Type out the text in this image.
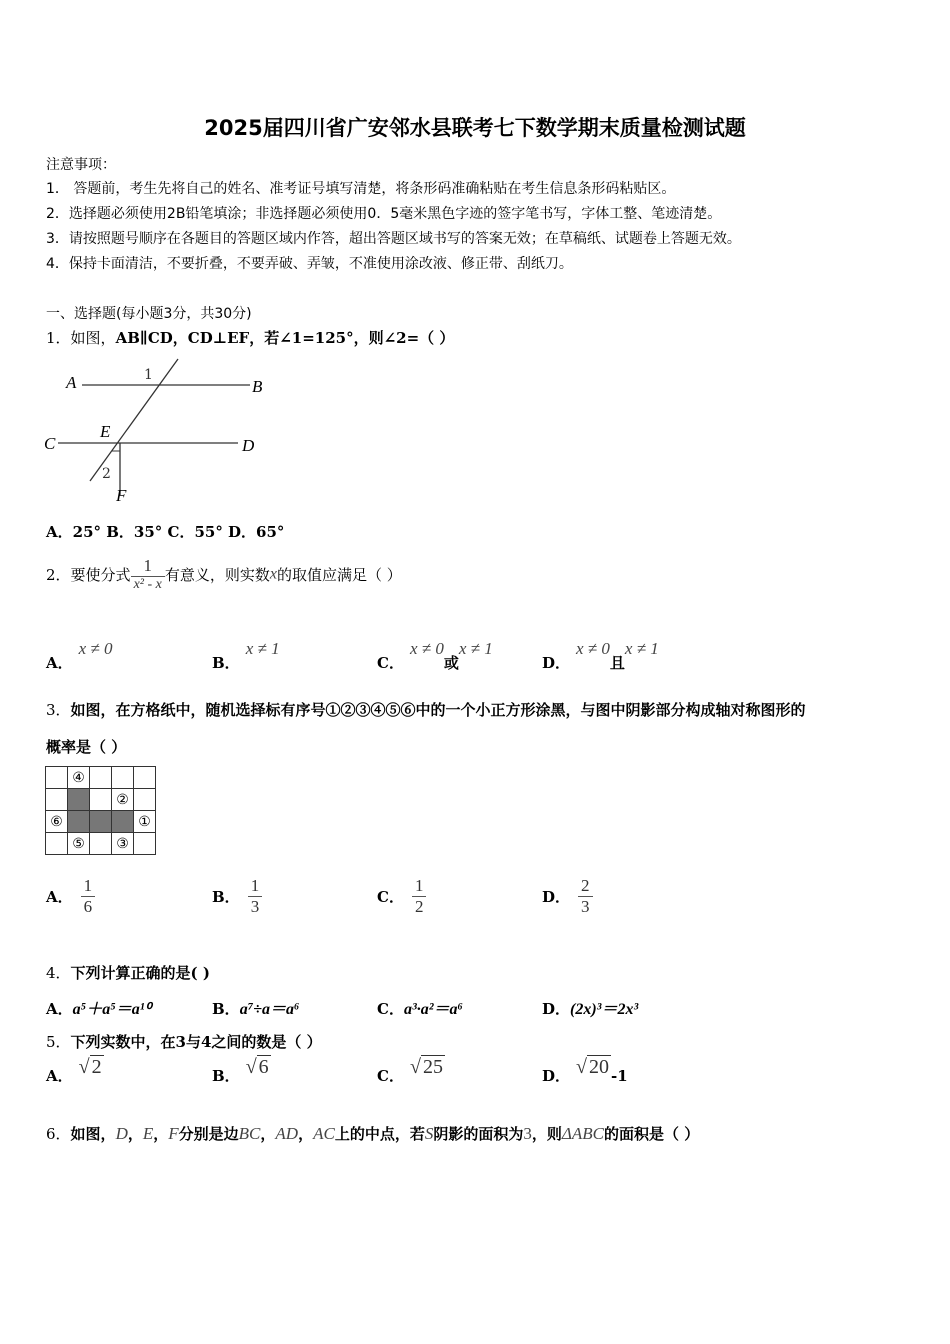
2025届四川省广安邻水县联考七下数学期末质量检测试题
注意事项：
1． 答题前，考生先将自己的姓名、准考证号填写清楚，将条形码准确粘贴在考生信息条形码粘贴区。
2．选择题必须使用2B铅笔填涂；非选择题必须使用0．5毫米黑色字迹的签字笔书写，字体工整、笔迹清楚。
3．请按照题号顺序在各题目的答题区域内作答，超出答题区域书写的答案无效；在草稿纸、试题卷上答题无效。
4．保持卡面清洁，不要折叠，不要弄破、弄皱，不准使用涂改液、修正带、刮纸刀。
一、选择题(每小题3分，共30分)
1．如图，AB∥CD，CD⊥EF，若∠1=125°，则∠2=（ ）
A	B
C	D
E
F
1
2
A．25° B．35° C．55° D．65°
2．要使分式 $\frac{1}{\text{x² - x}}$ 有意义，则实数x的取值应满足（ ）
A．x ≠ 0
B．x ≠ 1
C．x ≠ 0或x ≠ 1
D．x ≠ 0且x ≠ 1
3．如图，在方格纸中，随机选择标有序号①②③④⑤⑥中的一个小正方形涂黑，与图中阴影部分构成轴对称图形的
概率是（ ）
	④			
			②	
⑥				①
	⑤		③	
A． $\frac{1}{6}$	B． $\frac{1}{3}$	C． $\frac{1}{2}$	D． $\frac{2}{3}$
4．下列计算正确的是( )
A．a⁵＋a⁵＝a¹⁰	B．a⁷÷a＝a⁶	C．a³·a²＝a⁶	D．(2x)³＝2x³
5．下列实数中，在3与4之间的数是（ ）
A． √ 2	B． √ 6	C． √ 25	D． √ 20 -1
6．如图，D，E，F分别是边BC，AD，AC上的中点，若S阴影的面积为3，则ΔABC的面积是（ ）
